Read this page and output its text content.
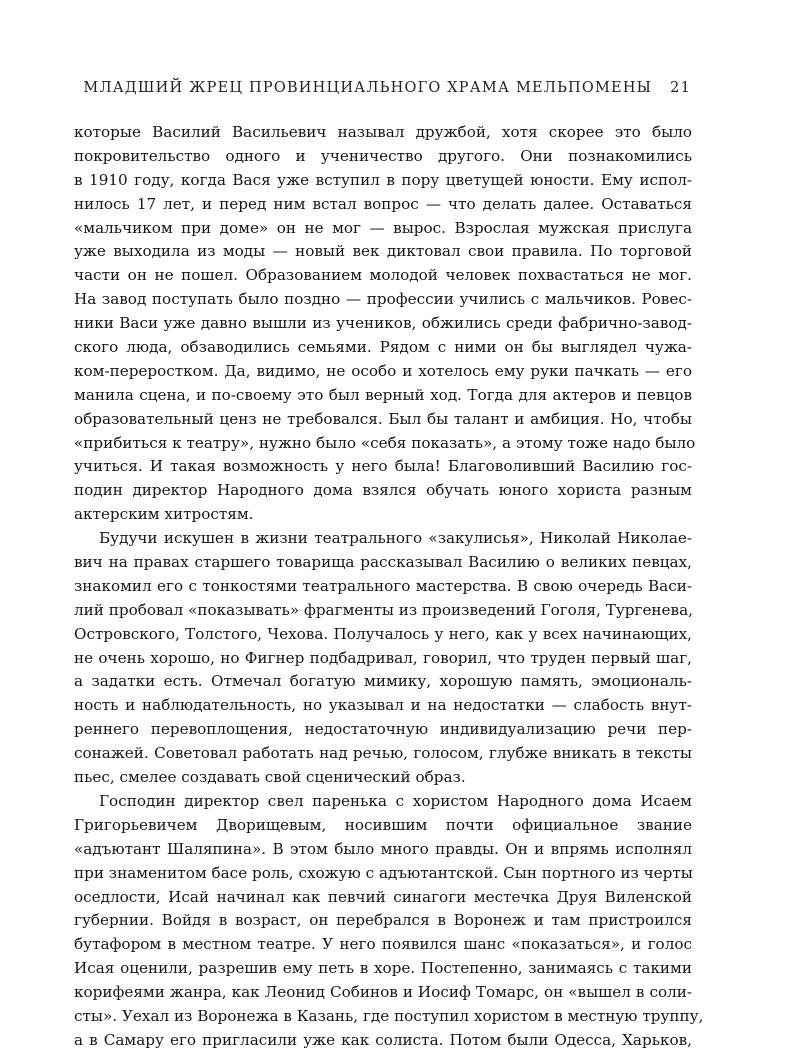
МЛАДШИЙ ЖРЕЦ ПРОВИНЦИАЛЬНОГО ХРАМА МЕЛЬПОМЕНЫ 21
которые Василий Васильевич называл дружбой, хотя скорее это было
покровительство одного и ученичество другого. Они познакомились
в 1910 году, когда Вася уже вступил в пору цветущей юности. Ему испол-
нилось 17 лет, и перед ним встал вопрос — что делать далее. Оставаться
«мальчиком при доме» он не мог — вырос. Взрослая мужская прислуга
уже выходила из моды — новый век диктовал свои правила. По торговой
части он не пошел. Образованием молодой человек похвастаться не мог.
На завод поступать было поздно — профессии учились с мальчиков. Ровес-
ники Васи уже давно вышли из учеников, обжились среди фабрично-завод-
ского люда, обзаводились семьями. Рядом с ними он бы выглядел чужа-
ком-переростком. Да, видимо, не особо и хотелось ему руки пачкать — его
манила сцена, и по-своему это был верный ход. Тогда для актеров и певцов
образовательный ценз не требовался. Был бы талант и амбиция. Но, чтобы
«прибиться к театру», нужно было «себя показать», а этому тоже надо было
учиться. И такая возможность у него была! Благоволивший Василию гос-
подин директор Народного дома взялся обучать юного хориста разным
актерским хитростям.
Будучи искушен в жизни театрального «закулисья», Николай Николае-
вич на правах старшего товарища рассказывал Василию о великих певцах,
знакомил его с тонкостями театрального мастерства. В свою очередь Васи-
лий пробовал «показывать» фрагменты из произведений Гоголя, Тургенева,
Островского, Толстого, Чехова. Получалось у него, как у всех начинающих,
не очень хорошо, но Фигнер подбадривал, говорил, что труден первый шаг,
а задатки есть. Отмечал богатую мимику, хорошую память, эмоциональ-
ность и наблюдательность, но указывал и на недостатки — слабость внут-
реннего перевоплощения, недостаточную индивидуализацию речи пер-
сонажей. Советовал работать над речью, голосом, глубже вникать в тексты
пьес, смелее создавать свой сценический образ.
Господин директор свел паренька с хористом Народного дома Исаем
Григорьевичем Дворищевым, носившим почти официальное звание
«адъютант Шаляпина». В этом было много правды. Он и впрямь исполнял
при знаменитом басе роль, схожую с адъютантской. Сын портного из черты
оседлости, Исай начинал как певчий синагоги местечка Друя Виленской
губернии. Войдя в возраст, он перебрался в Воронеж и там пристроился
бутафором в местном театре. У него появился шанс «показаться», и голос
Исая оценили, разрешив ему петь в хоре. Постепенно, занимаясь с такими
корифеями жанра, как Леонид Собинов и Иосиф Томарс, он «вышел в соли-
сты». Уехал из Воронежа в Казань, где поступил хористом в местную труппу,
а в Самару его пригласили уже как солиста. Потом были Одесса, Харьков,
